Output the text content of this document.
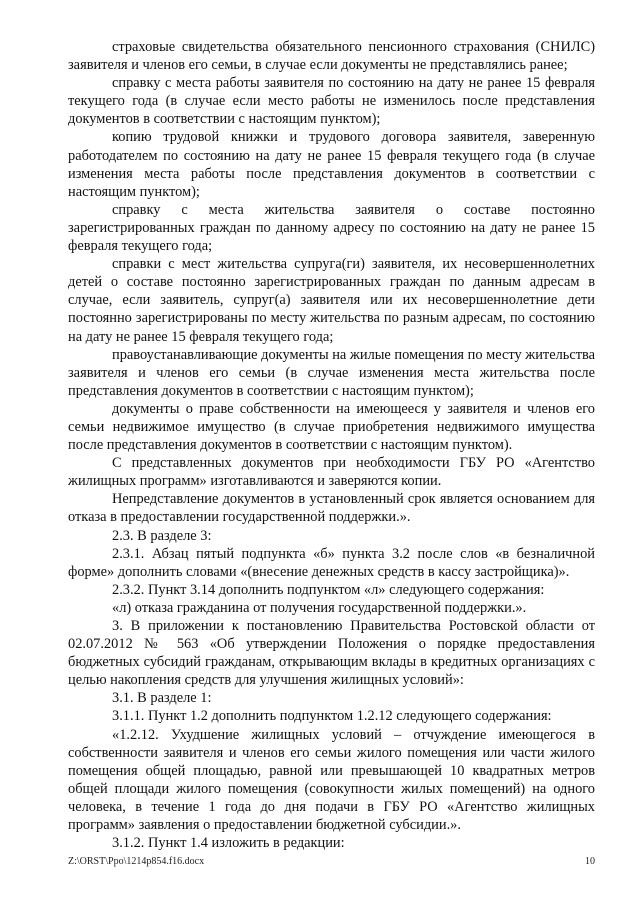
страховые свидетельства обязательного пенсионного страхования (СНИЛС) заявителя и членов его семьи, в случае если документы не представлялись ранее;

справку с места работы заявителя по состоянию на дату не ранее 15 февраля текущего года (в случае если место работы не изменилось после представления документов в соответствии с настоящим пунктом);

копию трудовой книжки и трудового договора заявителя, заверенную работодателем по состоянию на дату не ранее 15 февраля текущего года (в случае изменения места работы после представления документов в соответствии с настоящим пунктом);

справку с места жительства заявителя о составе постоянно зарегистрированных граждан по данному адресу по состоянию на дату не ранее 15 февраля текущего года;

справки с мест жительства супруга(ги) заявителя, их несовершеннолетних детей о составе постоянно зарегистрированных граждан по данным адресам в случае, если заявитель, супруг(а) заявителя или их несовершеннолетние дети постоянно зарегистрированы по месту жительства по разным адресам, по состоянию на дату не ранее 15 февраля текущего года;

правоустанавливающие документы на жилые помещения по месту жительства заявителя и членов его семьи (в случае изменения места жительства после представления документов в соответствии с настоящим пунктом);

документы о праве собственности на имеющееся у заявителя и членов его семьи недвижимое имущество (в случае приобретения недвижимого имущества после представления документов в соответствии с настоящим пунктом).

С представленных документов при необходимости ГБУ РО «Агентство жилищных программ» изготавливаются и заверяются копии.

Непредставление документов в установленный срок является основанием для отказа в предоставлении государственной поддержки.».

2.3. В разделе 3:

2.3.1. Абзац пятый подпункта «б» пункта 3.2 после слов «в безналичной форме» дополнить словами «(внесение денежных средств в кассу застройщика)».

2.3.2. Пункт 3.14 дополнить подпунктом «л» следующего содержания:

«л) отказа гражданина от получения государственной поддержки.».

3. В приложении к постановлению Правительства Ростовской области от 02.07.2012 № 563 «Об утверждении Положения о порядке предоставления бюджетных субсидий гражданам, открывающим вклады в кредитных организациях с целью накопления средств для улучшения жилищных условий»:

3.1. В разделе 1:

3.1.1. Пункт 1.2 дополнить подпунктом 1.2.12 следующего содержания:

«1.2.12. Ухудшение жилищных условий – отчуждение имеющегося в собственности заявителя и членов его семьи жилого помещения или части жилого помещения общей площадью, равной или превышающей 10 квадратных метров общей площади жилого помещения (совокупности жилых помещений) на одного человека, в течение 1 года до дня подачи в ГБУ РО «Агентство жилищных программ» заявления о предоставлении бюджетной субсидии.».

3.1.2. Пункт 1.4 изложить в редакции:

Z:\ORST\Ppo\1214p854.f16.docx	10
